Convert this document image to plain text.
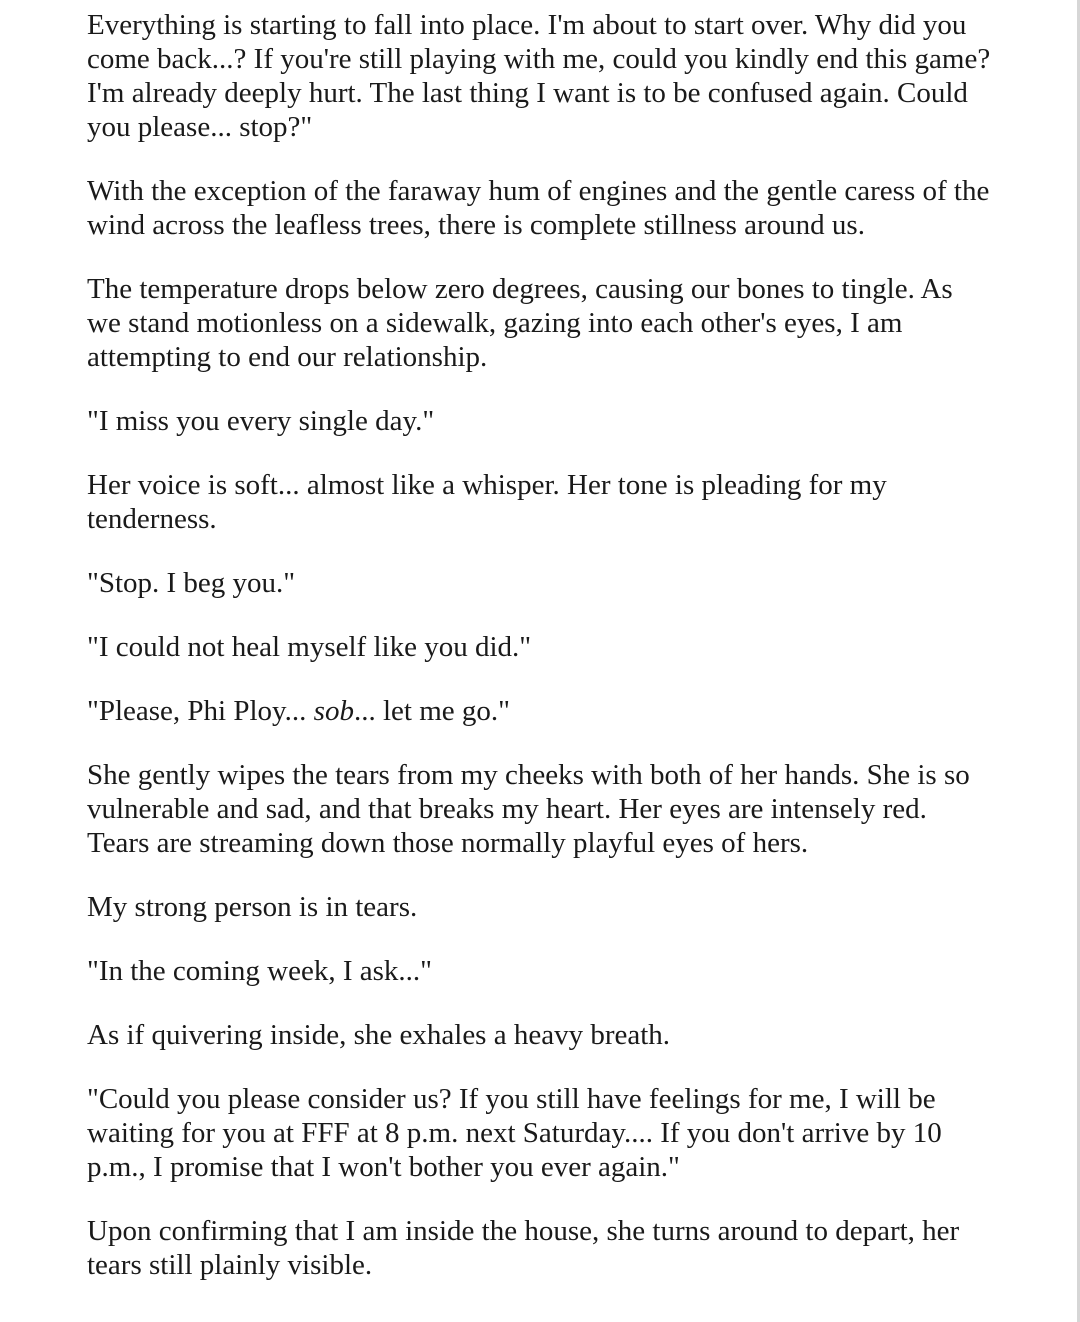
Everything is starting to fall into place. I'm about to start over. Why did you come back...? If you're still playing with me, could you kindly end this game? I'm already deeply hurt. The last thing I want is to be confused again. Could you please... stop?"

With the exception of the faraway hum of engines and the gentle caress of the wind across the leafless trees, there is complete stillness around us.

The temperature drops below zero degrees, causing our bones to tingle. As we stand motionless on a sidewalk, gazing into each other's eyes, I am attempting to end our relationship.

"I miss you every single day."

Her voice is soft... almost like a whisper. Her tone is pleading for my tenderness.

"Stop. I beg you."

"I could not heal myself like you did."

"Please, Phi Ploy... sob... let me go."

She gently wipes the tears from my cheeks with both of her hands. She is so vulnerable and sad, and that breaks my heart. Her eyes are intensely red. Tears are streaming down those normally playful eyes of hers.

My strong person is in tears.

"In the coming week, I ask..."

As if quivering inside, she exhales a heavy breath.

"Could you please consider us? If you still have feelings for me, I will be waiting for you at FFF at 8 p.m. next Saturday.... If you don't arrive by 10 p.m., I promise that I won't bother you ever again."

Upon confirming that I am inside the house, she turns around to depart, her tears still plainly visible.
